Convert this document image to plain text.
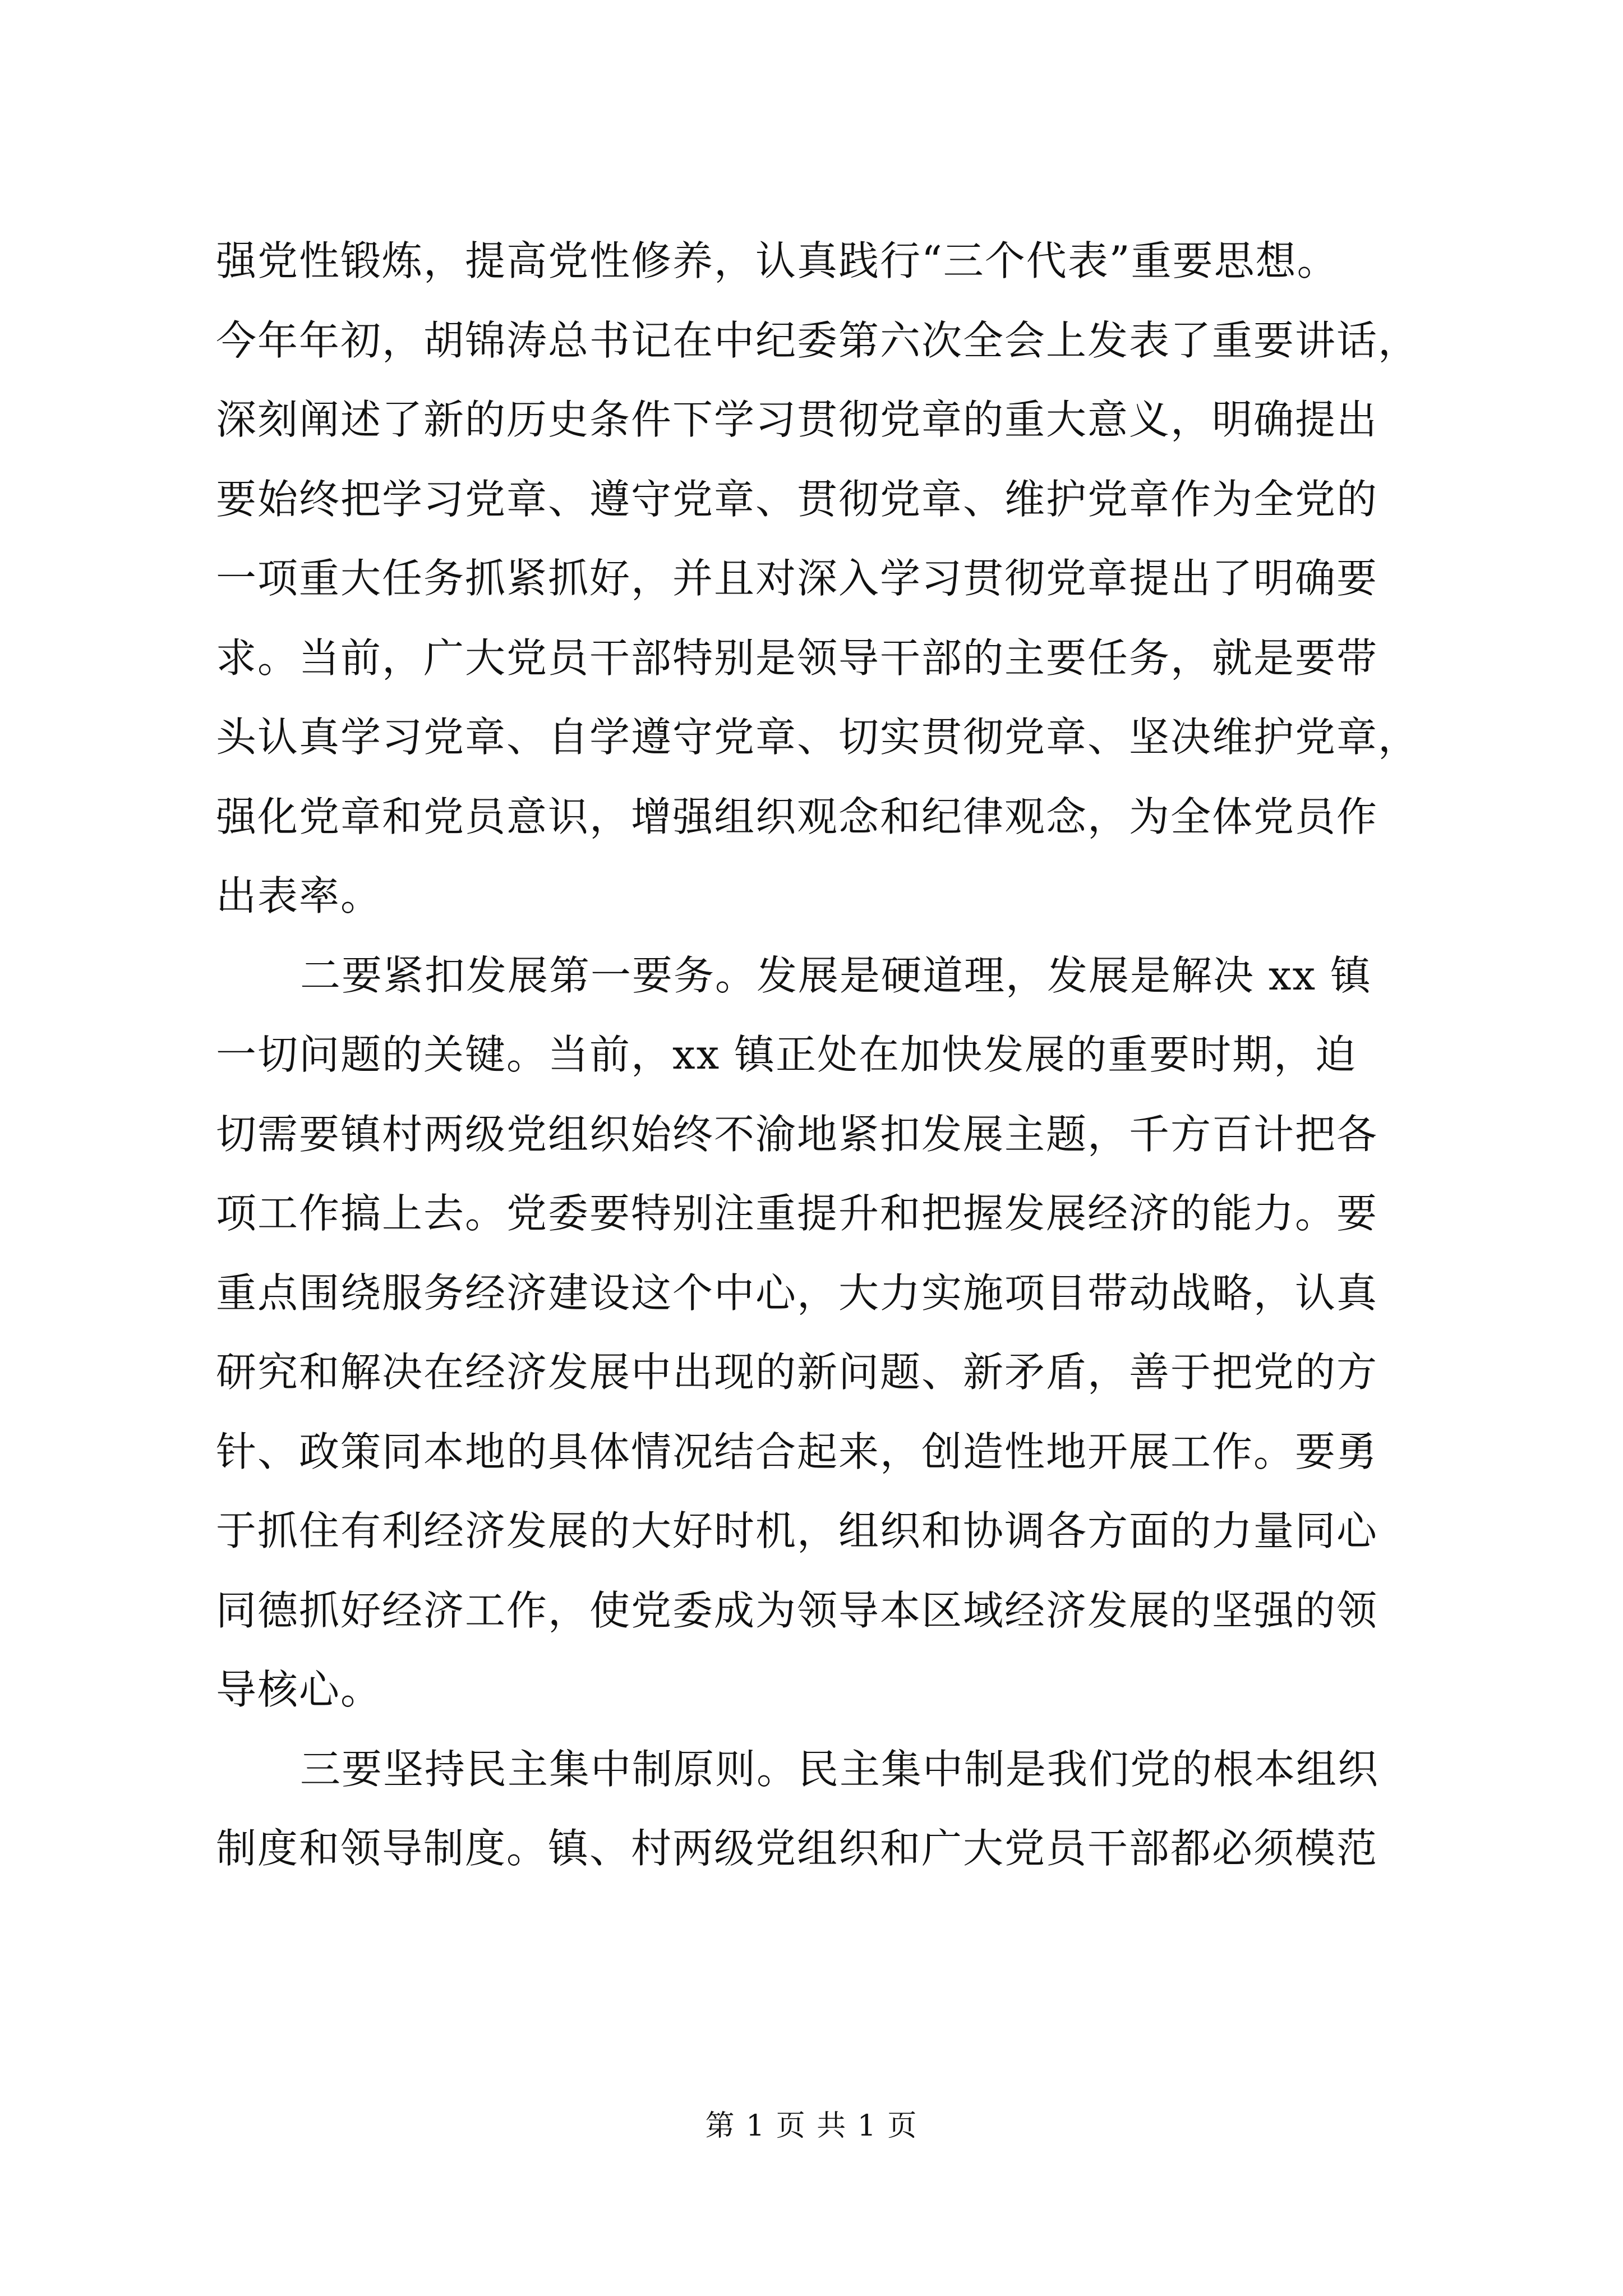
强党性锻炼，提高党性修养，认真践行“三个代表”重要思想。
今年年初，胡锦涛总书记在中纪委第六次全会上发表了重要讲话，
深刻阐述了新的历史条件下学习贯彻党章的重大意义，明确提出
要始终把学习党章、遵守党章、贯彻党章、维护党章作为全党的
一项重大任务抓紧抓好，并且对深入学习贯彻党章提出了明确要
求。当前，广大党员干部特别是领导干部的主要任务，就是要带
头认真学习党章、自学遵守党章、切实贯彻党章、坚决维护党章，
强化党章和党员意识，增强组织观念和纪律观念，为全体党员作
出表率。
二要紧扣发展第一要务。发展是硬道理，发展是解决 xx 镇
一切问题的关键。当前，xx 镇正处在加快发展的重要时期，迫
切需要镇村两级党组织始终不渝地紧扣发展主题，千方百计把各
项工作搞上去。党委要特别注重提升和把握发展经济的能力。要
重点围绕服务经济建设这个中心，大力实施项目带动战略，认真
研究和解决在经济发展中出现的新问题、新矛盾，善于把党的方
针、政策同本地的具体情况结合起来，创造性地开展工作。要勇
于抓住有利经济发展的大好时机，组织和协调各方面的力量同心
同德抓好经济工作，使党委成为领导本区域经济发展的坚强的领
导核心。
三要坚持民主集中制原则。民主集中制是我们党的根本组织
制度和领导制度。镇、村两级党组织和广大党员干部都必须模范
第 1 页 共 1 页
